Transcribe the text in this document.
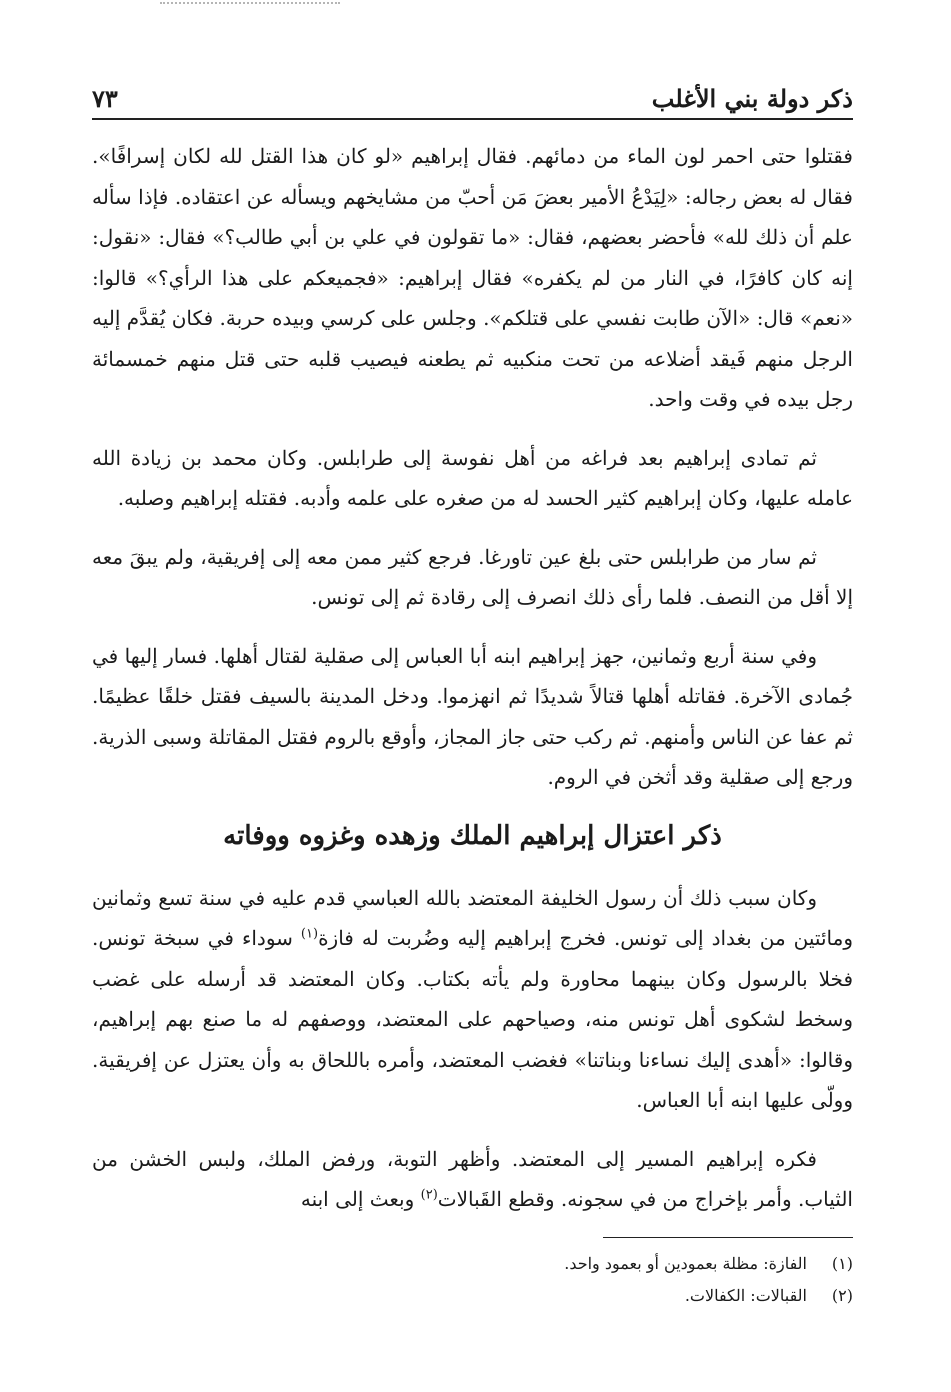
ذكر دولة بني الأغلب
٧٣

فقتلوا حتى احمر لون الماء من دمائهم. فقال إبراهيم «لو كان هذا القتل لله لكان إسرافًا». فقال له بعض رجاله: «لِيَدْعُ الأمير بعضَ مَن أحبّ من مشايخهم ويسأله عن اعتقاده. فإذا سأله علم أن ذلك لله» فأحضر بعضهم، فقال: «ما تقولون في علي بن أبي طالب؟» فقال: «نقول: إنه كان كافرًا، في النار من لم يكفره» فقال إبراهيم: «فجميعكم على هذا الرأي؟» قالوا: «نعم» قال: «الآن طابت نفسي على قتلكم». وجلس على كرسي وبيده حربة. فكان يُقدَّم إليه الرجل منهم فَيقد أضلاعه من تحت منكبيه ثم يطعنه فيصيب قلبه حتى قتل منهم خمسمائة رجل بيده في وقت واحد.

ثم تمادى إبراهيم بعد فراغه من أهل نفوسة إلى طرابلس. وكان محمد بن زيادة الله عامله عليها، وكان إبراهيم كثير الحسد له من صغره على علمه وأدبه. فقتله إبراهيم وصلبه.

ثم سار من طرابلس حتى بلغ عين تاورغا. فرجع كثير ممن معه إلى إفريقية، ولم يبقَ معه إلا أقل من النصف. فلما رأى ذلك انصرف إلى رقادة ثم إلى تونس.

وفي سنة أربع وثمانين، جهز إبراهيم ابنه أبا العباس إلى صقلية لقتال أهلها. فسار إليها في جُمادى الآخرة. فقاتله أهلها قتالاً شديدًا ثم انهزموا. ودخل المدينة بالسيف فقتل خلقًا عظيمًا. ثم عفا عن الناس وأمنهم. ثم ركب حتى جاز المجاز، وأوقع بالروم فقتل المقاتلة وسبى الذرية. ورجع إلى صقلية وقد أثخن في الروم.

ذكر اعتزال إبراهيم الملك وزهده وغزوه ووفاته

وكان سبب ذلك أن رسول الخليفة المعتضد بالله العباسي قدم عليه في سنة تسع وثمانين ومائتين من بغداد إلى تونس. فخرج إبراهيم إليه وضُربت له فازة$^{(١)}$ سوداء في سبخة تونس. فخلا بالرسول وكان بينهما محاورة ولم يأته بكتاب. وكان المعتضد قد أرسله على غضب وسخط لشكوى أهل تونس منه، وصياحهم على المعتضد، ووصفهم له ما صنع بهم إبراهيم، وقالوا: «أهدى إليك نساءنا وبناتنا» فغضب المعتضد، وأمره باللحاق به وأن يعتزل عن إفريقية. وولّى عليها ابنه أبا العباس.

فكره إبراهيم المسير إلى المعتضد. وأظهر التوبة، ورفض الملك، ولبس الخشن من الثياب. وأمر بإخراج من في سجونه. وقطع القَبالات$^{(٢)}$ وبعث إلى ابنه

(١)الفازة: مظلة بعمودين أو بعمود واحد.

(٢)القبالات: الكفالات.
